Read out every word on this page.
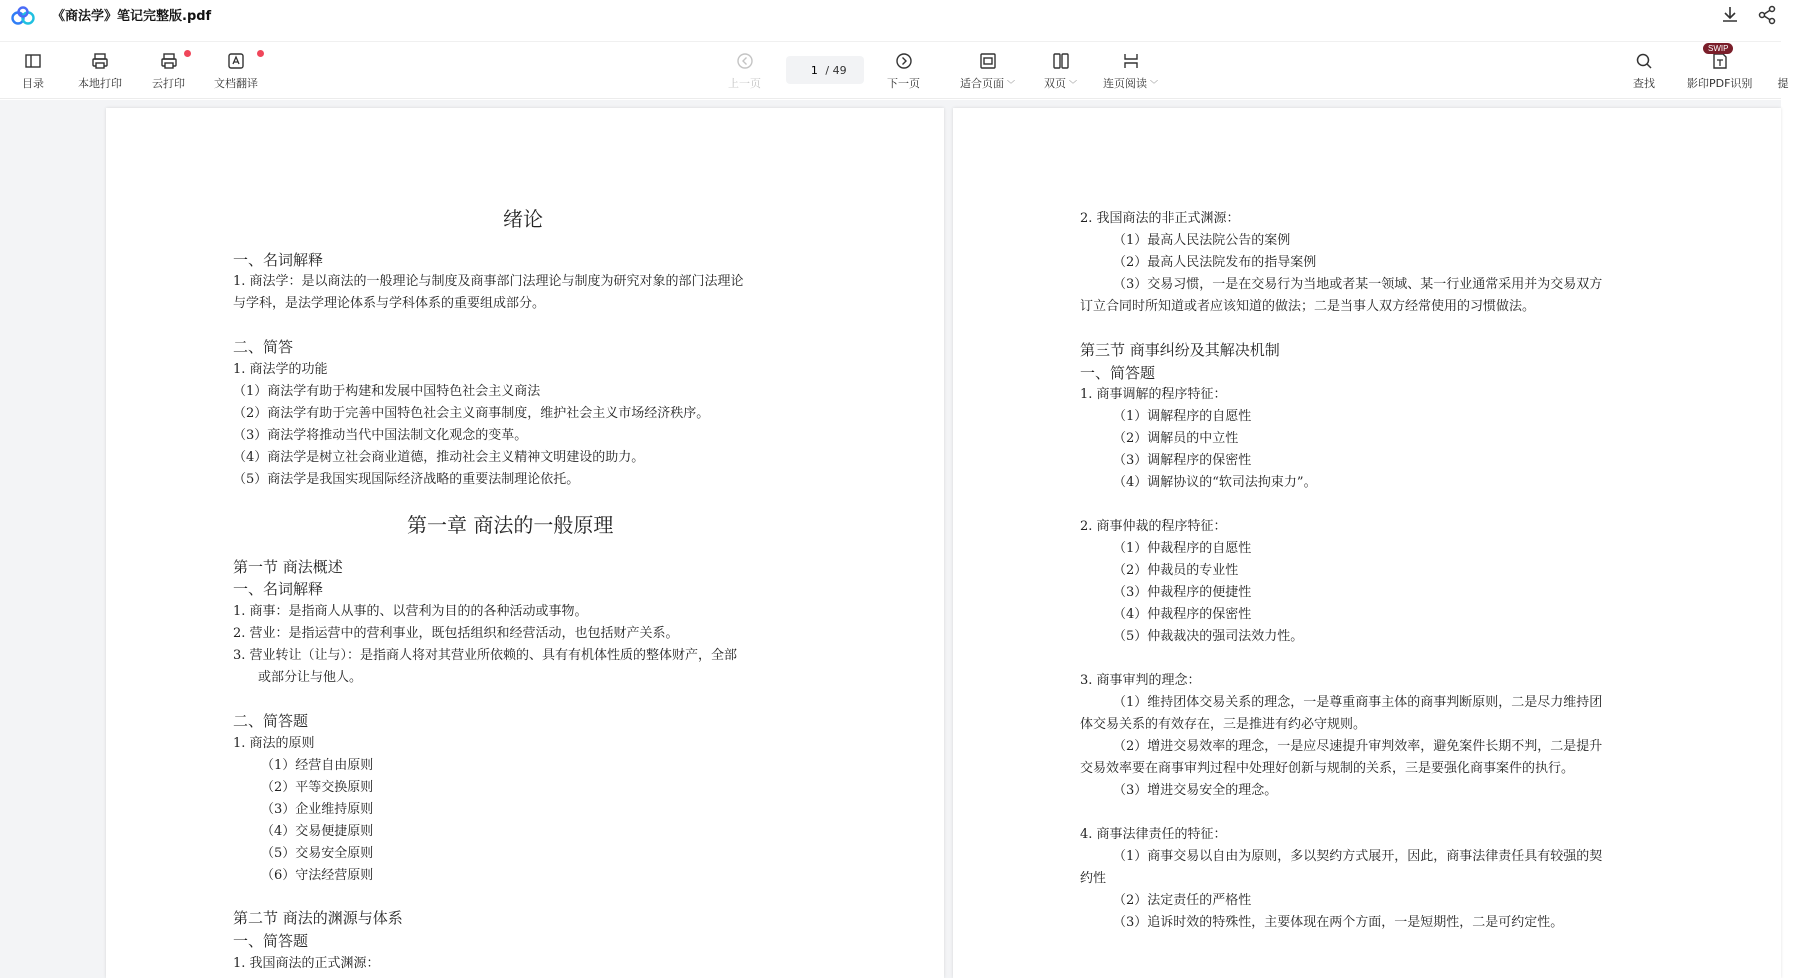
《商法学》笔记完整版.pdf
目录	本地打印	云打印	文档翻译	上一页
1
/ 49
下一页	适合页面 ﹀	双页 ﹀ 连页阅读 ﹀	查找
SWIP
影印PDF识别 提
绪论
一、名词解释
1. 商法学：是以商法的一般理论与制度及商事部门法理论与制度为研究对象的部门法理论
与学科，是法学理论体系与学科体系的重要组成部分。
二、简答
1. 商法学的功能
（1）商法学有助于构建和发展中国特色社会主义商法
（2）商法学有助于完善中国特色社会主义商事制度，维护社会主义市场经济秩序。
（3）商法学将推动当代中国法制文化观念的变革。
（4）商法学是树立社会商业道德，推动社会主义精神文明建设的助力。
（5）商法学是我国实现国际经济战略的重要法制理论依托。
第一章 商法的一般原理
第一节 商法概述
一、名词解释
1. 商事：是指商人从事的、以营利为目的的各种活动或事物。
2. 营业：是指运营中的营利事业，既包括组织和经营活动，也包括财产关系。
3. 营业转让（让与）：是指商人将对其营业所依赖的、具有有机体性质的整体财产，全部
或部分让与他人。
二、简答题
1. 商法的原则
（1）经营自由原则
（2）平等交换原则
（3）企业维持原则
（4）交易便捷原则
（5）交易安全原则
（6）守法经营原则
第二节 商法的渊源与体系
一、简答题
1. 我国商法的正式渊源：
2. 我国商法的非正式渊源：
（1）最高人民法院公告的案例
（2）最高人民法院发布的指导案例
（3）交易习惯，一是在交易行为当地或者某一领域、某一行业通常采用并为交易双方
订立合同时所知道或者应该知道的做法；二是当事人双方经常使用的习惯做法。
第三节 商事纠纷及其解决机制
一、简答题
1. 商事调解的程序特征：
（1）调解程序的自愿性
（2）调解员的中立性
（3）调解程序的保密性
（4）调解协议的“软司法拘束力”。
2. 商事仲裁的程序特征：
（1）仲裁程序的自愿性
（2）仲裁员的专业性
（3）仲裁程序的便捷性
（4）仲裁程序的保密性
（5）仲裁裁决的强司法效力性。
3. 商事审判的理念：
（1）维持团体交易关系的理念，一是尊重商事主体的商事判断原则，二是尽力维持团
体交易关系的有效存在，三是推进有约必守规则。
（2）增进交易效率的理念，一是应尽速提升审判效率，避免案件长期不判，二是提升
交易效率要在商事审判过程中处理好创新与规制的关系，三是要强化商事案件的执行。
（3）增进交易安全的理念。
4. 商事法律责任的特征：
（1）商事交易以自由为原则，多以契约方式展开，因此，商事法律责任具有较强的契
约性
（2）法定责任的严格性
（3）追诉时效的特殊性，主要体现在两个方面，一是短期性，二是可约定性。
